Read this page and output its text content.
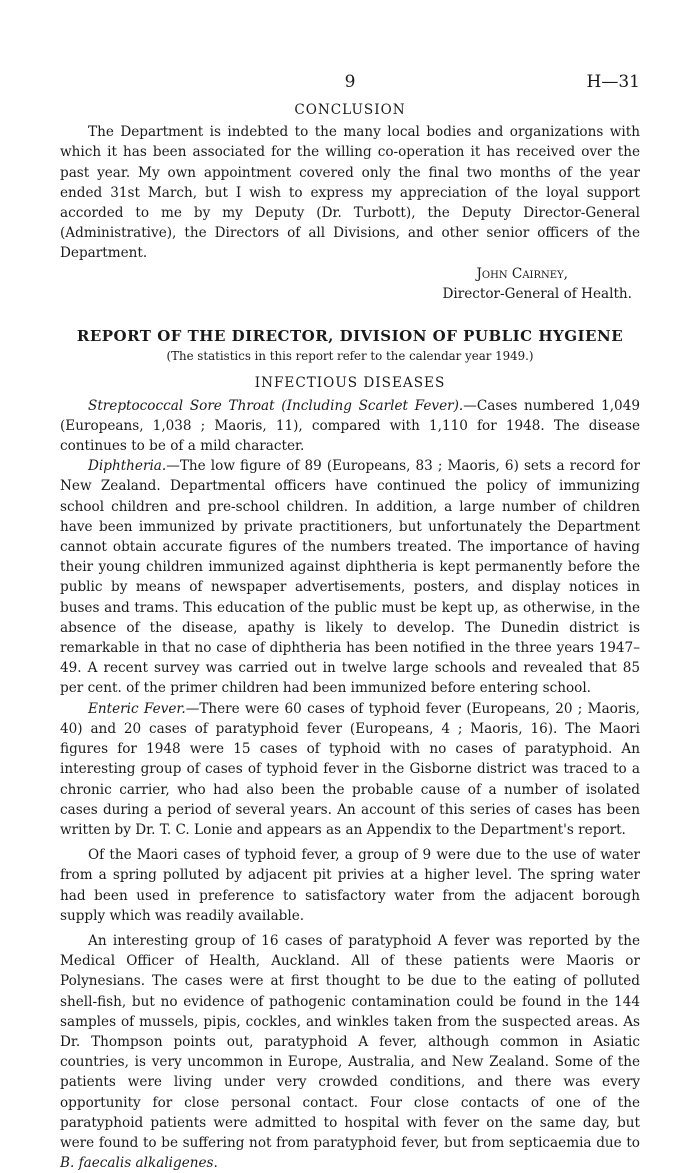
9	H—31
CONCLUSION

The Department is indebted to the many local bodies and organizations with which it has been associated for the willing co-operation it has received over the past year. My own appointment covered only the final two months of the year ended 31st March, but I wish to express my appreciation of the loyal support accorded to me by my Deputy (Dr. Turbott), the Deputy Director-General (Administrative), the Directors of all Divisions, and other senior officers of the Department.

John Cairney,
Director-General of Health.
REPORT OF THE DIRECTOR, DIVISION OF PUBLIC HYGIENE
(The statistics in this report refer to the calendar year 1949.)
INFECTIOUS DISEASES

Streptococcal Sore Throat (Including Scarlet Fever).—Cases numbered 1,049 (Europeans, 1,038 ; Maoris, 11), compared with 1,110 for 1948. The disease continues to be of a mild character.

Diphtheria.—The low figure of 89 (Europeans, 83 ; Maoris, 6) sets a record for New Zealand. Departmental officers have continued the policy of immunizing school children and pre-school children. In addition, a large number of children have been immunized by private practitioners, but unfortunately the Department cannot obtain accurate figures of the numbers treated. The importance of having their young children immunized against diphtheria is kept permanently before the public by means of newspaper advertisements, posters, and display notices in buses and trams. This education of the public must be kept up, as otherwise, in the absence of the disease, apathy is likely to develop. The Dunedin district is remarkable in that no case of diphtheria has been notified in the three years 1947–49. A recent survey was carried out in twelve large schools and revealed that 85 per cent. of the primer children had been immunized before entering school.

Enteric Fever.—There were 60 cases of typhoid fever (Europeans, 20 ; Maoris, 40) and 20 cases of paratyphoid fever (Europeans, 4 ; Maoris, 16). The Maori figures for 1948 were 15 cases of typhoid with no cases of paratyphoid. An interesting group of cases of typhoid fever in the Gisborne district was traced to a chronic carrier, who had also been the probable cause of a number of isolated cases during a period of several years. An account of this series of cases has been written by Dr. T. C. Lonie and appears as an Appendix to the Department's report.

Of the Maori cases of typhoid fever, a group of 9 were due to the use of water from a spring polluted by adjacent pit privies at a higher level. The spring water had been used in preference to satisfactory water from the adjacent borough supply which was readily available.

An interesting group of 16 cases of paratyphoid A fever was reported by the Medical Officer of Health, Auckland. All of these patients were Maoris or Polynesians. The cases were at first thought to be due to the eating of polluted shell-fish, but no evidence of pathogenic contamination could be found in the 144 samples of mussels, pipis, cockles, and winkles taken from the suspected areas. As Dr. Thompson points out, paratyphoid A fever, although common in Asiatic countries, is very uncommon in Europe, Australia, and New Zealand. Some of the patients were living under very crowded conditions, and there was every opportunity for close personal contact. Four close contacts of one of the paratyphoid patients were admitted to hospital with fever on the same day, but were found to be suffering not from paratyphoid fever, but from septicaemia due to B. faecalis alkaligenes.
